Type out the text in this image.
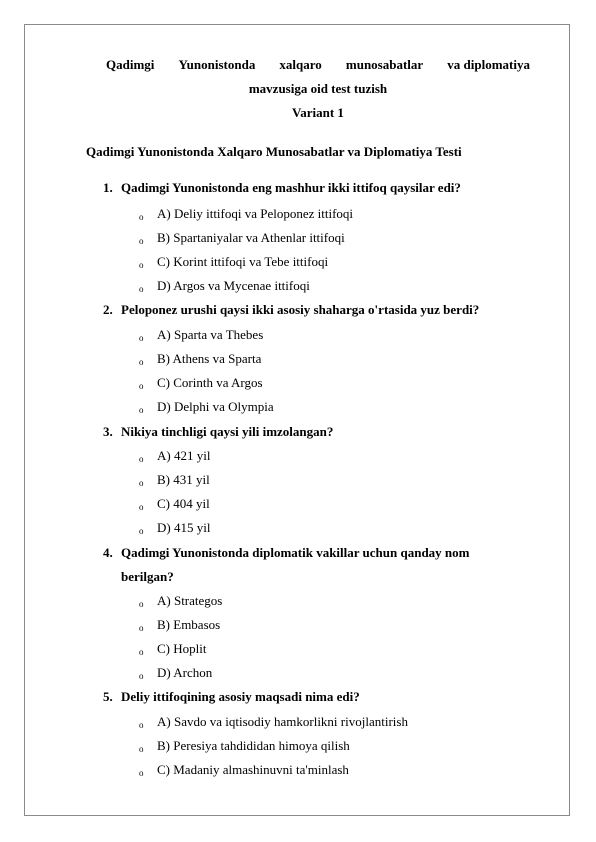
Qadimgi Yunonistonda xalqaro munosabatlar va diplomatiya
mavzusiga oid test tuzish
Variant 1
Qadimgi Yunonistonda Xalqaro Munosabatlar va Diplomatiya Testi
1. Qadimgi Yunonistonda eng mashhur ikki ittifoq qaysilar edi?
o A) Deliy ittifoqi va Peloponez ittifoqi
o B) Spartaniyalar va Athenlar ittifoqi
o C) Korint ittifoqi va Tebe ittifoqi
o D) Argos va Mycenae ittifoqi
2. Peloponez urushi qaysi ikki asosiy shaharga o'rtasida yuz berdi?
o A) Sparta va Thebes
o B) Athens va Sparta
o C) Corinth va Argos
o D) Delphi va Olympia
3. Nikiya tinchligi qaysi yili imzolangan?
o A) 421 yil
o B) 431 yil
o C) 404 yil
o D) 415 yil
4. Qadimgi Yunonistonda diplomatik vakillar uchun qanday nom
berilgan?
o A) Strategos
o B) Embasos
o C) Hoplit
o D) Archon
5. Deliy ittifoqining asosiy maqsadi nima edi?
o A) Savdo va iqtisodiy hamkorlikni rivojlantirish
o B) Peresiya tahdididan himoya qilish
o C) Madaniy almashinuvni ta'minlash
